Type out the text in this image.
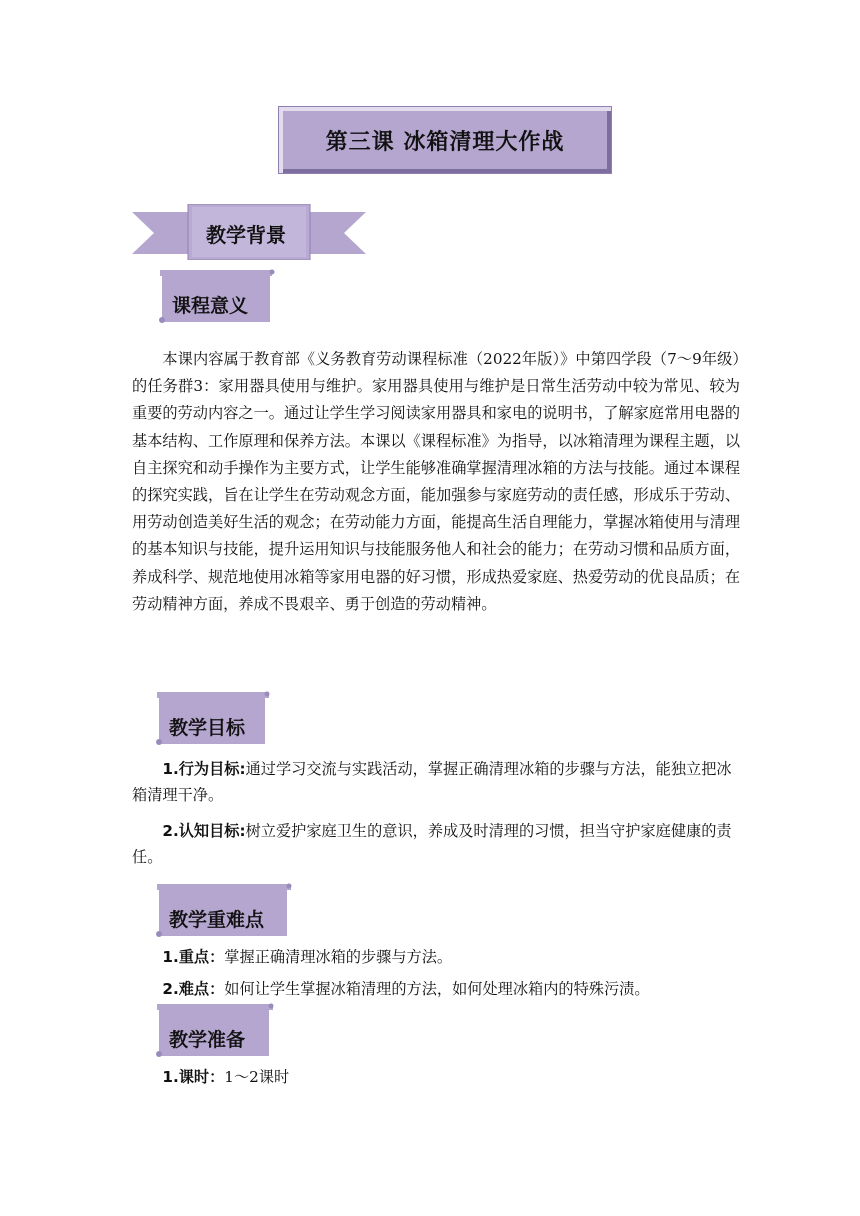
第三课 冰箱清理大作战
教学背景
课程意义

本课内容属于教育部《义务教育劳动课程标准（2022年版）》中第四学段（7～9年级）的任务群3：家用器具使用与维护。家用器具使用与维护是日常生活劳动中较为常见、较为重要的劳动内容之一。通过让学生学习阅读家用器具和家电的说明书，了解家庭常用电器的基本结构、工作原理和保养方法。本课以《课程标准》为指导，以冰箱清理为课程主题，以自主探究和动手操作为主要方式，让学生能够准确掌握清理冰箱的方法与技能。通过本课程的探究实践，旨在让学生在劳动观念方面，能加强参与家庭劳动的责任感，形成乐于劳动、用劳动创造美好生活的观念；在劳动能力方面，能提高生活自理能力，掌握冰箱使用与清理的基本知识与技能，提升运用知识与技能服务他人和社会的能力；在劳动习惯和品质方面，养成科学、规范地使用冰箱等家用电器的好习惯，形成热爱家庭、热爱劳动的优良品质；在劳动精神方面，养成不畏艰辛、勇于创造的劳动精神。

教学目标

1.行为目标:通过学习交流与实践活动，掌握正确清理冰箱的步骤与方法，能独立把冰箱清理干净。

2.认知目标:树立爱护家庭卫生的意识，养成及时清理的习惯，担当守护家庭健康的责任。

教学重难点

1.重点：掌握正确清理冰箱的步骤与方法。

2.难点：如何让学生掌握冰箱清理的方法，如何处理冰箱内的特殊污渍。

教学准备

1.课时：1～2课时
